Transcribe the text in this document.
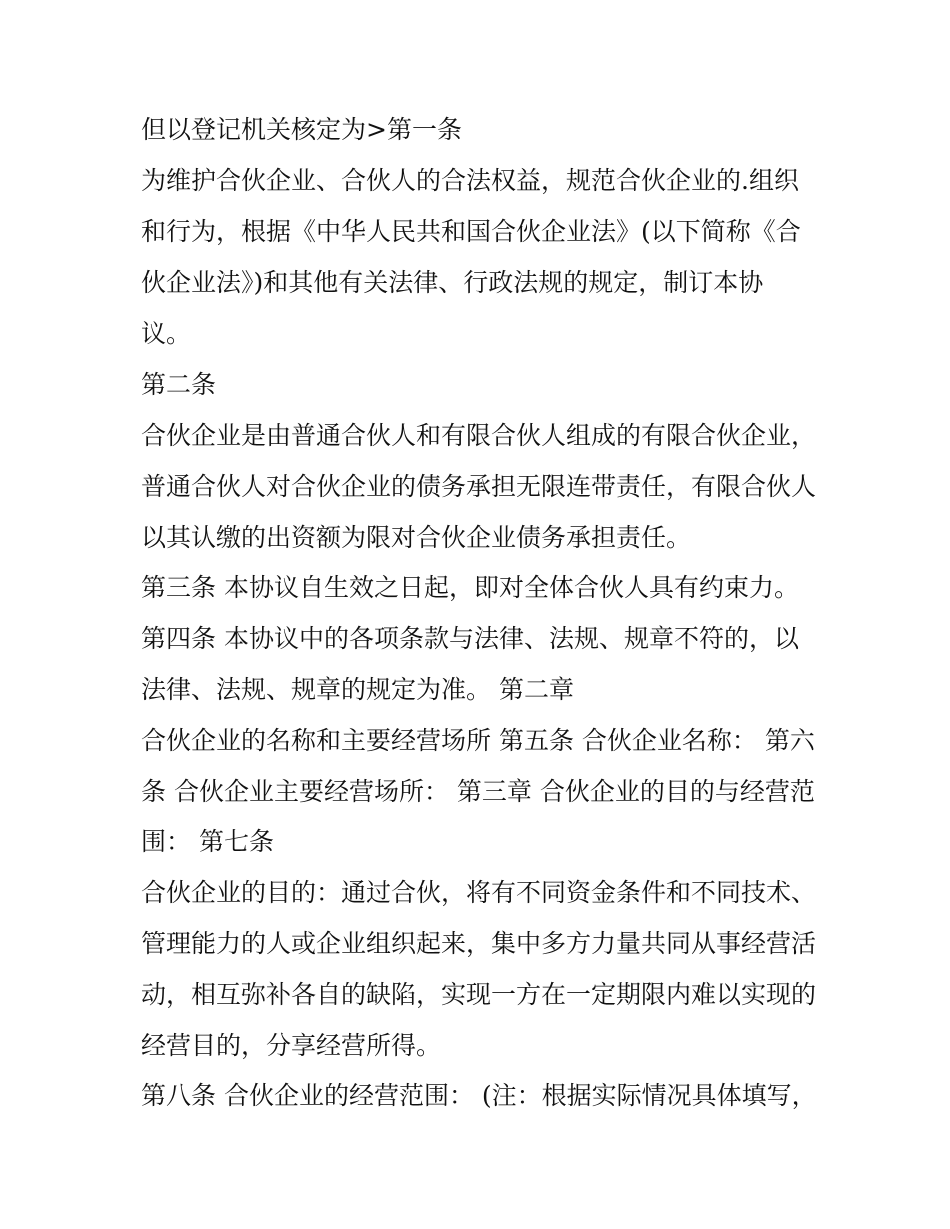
但以登记机关核定为>第一条
为维护合伙企业、合伙人的合法权益，规范合伙企业的.组织
和行为，根据《中华人民共和国合伙企业法》(以下简称《合
伙企业法》)和其他有关法律、行政法规的规定，制订本协
议。
第二条
合伙企业是由普通合伙人和有限合伙人组成的有限合伙企业，
普通合伙人对合伙企业的债务承担无限连带责任，有限合伙人
以其认缴的出资额为限对合伙企业债务承担责任。
第三条 本协议自生效之日起，即对全体合伙人具有约束力。
第四条 本协议中的各项条款与法律、法规、规章不符的，以
法律、法规、规章的规定为准。 第二章
合伙企业的名称和主要经营场所 第五条 合伙企业名称： 第六
条 合伙企业主要经营场所： 第三章 合伙企业的目的与经营范
围： 第七条
合伙企业的目的：通过合伙，将有不同资金条件和不同技术、
管理能力的人或企业组织起来，集中多方力量共同从事经营活
动，相互弥补各自的缺陷，实现一方在一定期限内难以实现的
经营目的，分享经营所得。
第八条 合伙企业的经营范围： (注：根据实际情况具体填写，
